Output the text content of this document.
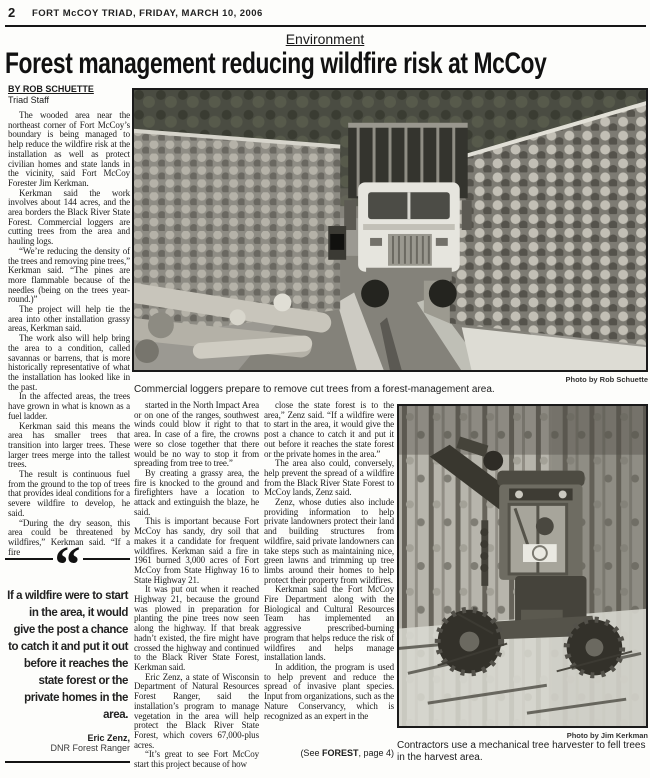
2 FORT McCOY TRIAD, FRIDAY, MARCH 10, 2006
Environment
Forest management reducing wildfire risk at McCoy
BY ROB SCHUETTE
Triad Staff
Photo by Rob Schuette
Commercial loggers prepare to remove cut trees from a forest-management area.

The wooded area near the northeast corner of Fort McCoy’s boundary is being managed to help reduce the wildfire risk at the installation as well as protect civilian homes and state lands in the vicinity, said Fort McCoy Forester Jim Kerkman.

Kerkman said the work involves about 144 acres, and the area borders the Black River State Forest. Commercial loggers are cutting trees from the area and hauling logs.

“We’re reducing the density of the trees and removing pine trees,” Kerkman said. “The pines are more flammable because of the needles (being on the trees year-round.)”

The project will help tie the area into other installation grassy areas, Kerkman said.

The work also will help bring the area to a condition, called savannas or barrens, that is more historically representative of what the installation has looked like in the past.

In the affected areas, the trees have grown in what is known as a fuel ladder.

Kerkman said this means the area has smaller trees that transition into larger trees. These larger trees merge into the tallest trees.

The result is continuous fuel from the ground to the top of trees that provides ideal conditions for a severe wildfire to develop, he said.

“During the dry season, this area could be threatened by wildfires,” Kerkman said. “If a fire “
If a wildfire were to start in the area, it would give the post a chance to catch it and put it out before it reaches the state forest or the private homes in the area.
Eric Zenz,
DNR Forest Ranger

started in the North Impact Area or on one of the ranges, southwest winds could blow it right to that area. In case of a fire, the crowns were so close together that there would be no way to stop it from spreading from tree to tree.”

By creating a grassy area, the fire is knocked to the ground and firefighters have a location to attack and extinguish the blaze, he said.

This is important because Fort McCoy has sandy, dry soil that makes it a candidate for frequent wildfires. Kerkman said a fire in 1961 burned 3,000 acres of Fort McCoy from State Highway 16 to State Highway 21.

It was put out when it reached Highway 21, because the ground was plowed in preparation for planting the pine trees now seen along the highway. If that break hadn’t existed, the fire might have crossed the highway and continued to the Black River State Forest, Kerkman said.

Eric Zenz, a state of Wisconsin Department of Natural Resources Forest Ranger, said the installation’s program to manage vegetation in the area will help protect the Black River State Forest, which covers 67,000-plus acres.

“It’s great to see Fort McCoy start this project because of how

close the state forest is to the area,” Zenz said. “If a wildfire were to start in the area, it would give the post a chance to catch it and put it out before it reaches the state forest or the private homes in the area.”

The area also could, conversely, help prevent the spread of a wildfire from the Black River State Forest to McCoy lands, Zenz said.

Zenz, whose duties also include providing information to help private landowners protect their land and building structures from wildfire, said private landowners can take steps such as maintaining nice, green lawns and trimming up tree limbs around their homes to help protect their property from wildfires.

Kerkman said the Fort McCoy Fire Department along with the Biological and Cultural Resources Team has implemented an aggressive prescribed-burning program that helps reduce the risk of wildfires and helps manage installation lands.

In addition, the program is used to help prevent and reduce the spread of invasive plant species. Input from organizations, such as the Nature Conservancy, which is recognized as an expert in the

(See FOREST, page 4)
Photo by Jim Kerkman
Contractors use a mechanical tree harvester to fell trees in the harvest area.
